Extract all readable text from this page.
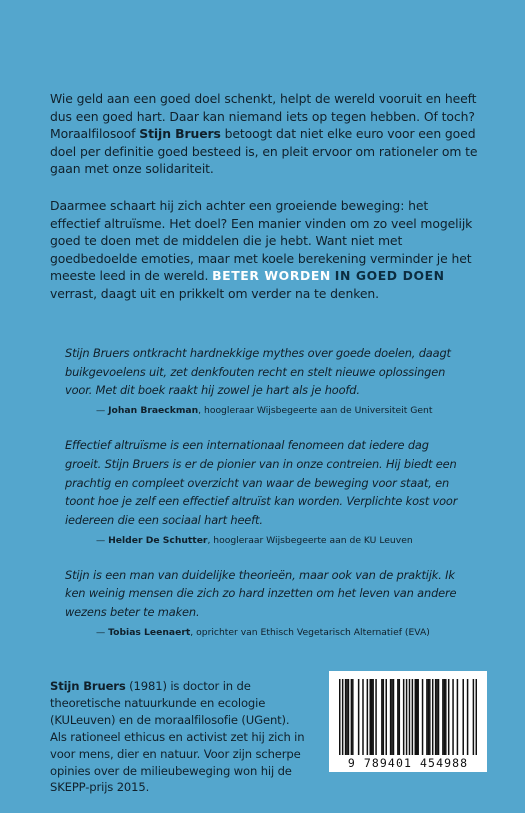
Wie geld aan een goed doel schenkt, helpt de wereld vooruit en heeft dus een goed hart. Daar kan niemand iets op tegen hebben. Of toch? Moraalfilosoof Stijn Bruers betoogt dat niet elke euro voor een goed doel per definitie goed besteed is, en pleit ervoor om rationeler om te gaan met onze solidariteit.

Daarmee schaart hij zich achter een groeiende beweging: het effectief altruïsme. Het doel? Een manier vinden om zo veel mogelijk goed te doen met de middelen die je hebt. Want niet met goedbedoelde emoties, maar met koele berekening verminder je het meeste leed in de wereld. BETER WORDEN IN GOED DOEN verrast, daagt uit en prikkelt om verder na te denken.

Stijn Bruers ontkracht hardnekkige mythes over goede doelen, daagt buikgevoelens uit, zet denkfouten recht en stelt nieuwe oplossingen voor. Met dit boek raakt hij zowel je hart als je hoofd.
— Johan Braeckman, hoogleraar Wijsbegeerte aan de Universiteit Gent
Effectief altruïsme is een internationaal fenomeen dat iedere dag groeit. Stijn Bruers is er de pionier van in onze contreien. Hij biedt een prachtig en compleet overzicht van waar de beweging voor staat, en toont hoe je zelf een effectief altruïst kan worden. Verplichte kost voor iedereen die een sociaal hart heeft.
— Helder De Schutter, hoogleraar Wijsbegeerte aan de KU Leuven
Stijn is een man van duidelijke theorieën, maar ook van de praktijk. Ik ken weinig mensen die zich zo hard inzetten om het leven van andere wezens beter te maken.
— Tobias Leenaert, oprichter van Ethisch Vegetarisch Alternatief (EVA)
Stijn Bruers (1981) is doctor in de theoretische natuurkunde en ecologie (KULeuven) en de moraalfilosofie (UGent). Als rationeel ethicus en activist zet hij zich in voor mens, dier en natuur. Voor zijn scherpe opinies over de milieubeweging won hij de SKEPP-prijs 2015.
9 789401 454988
